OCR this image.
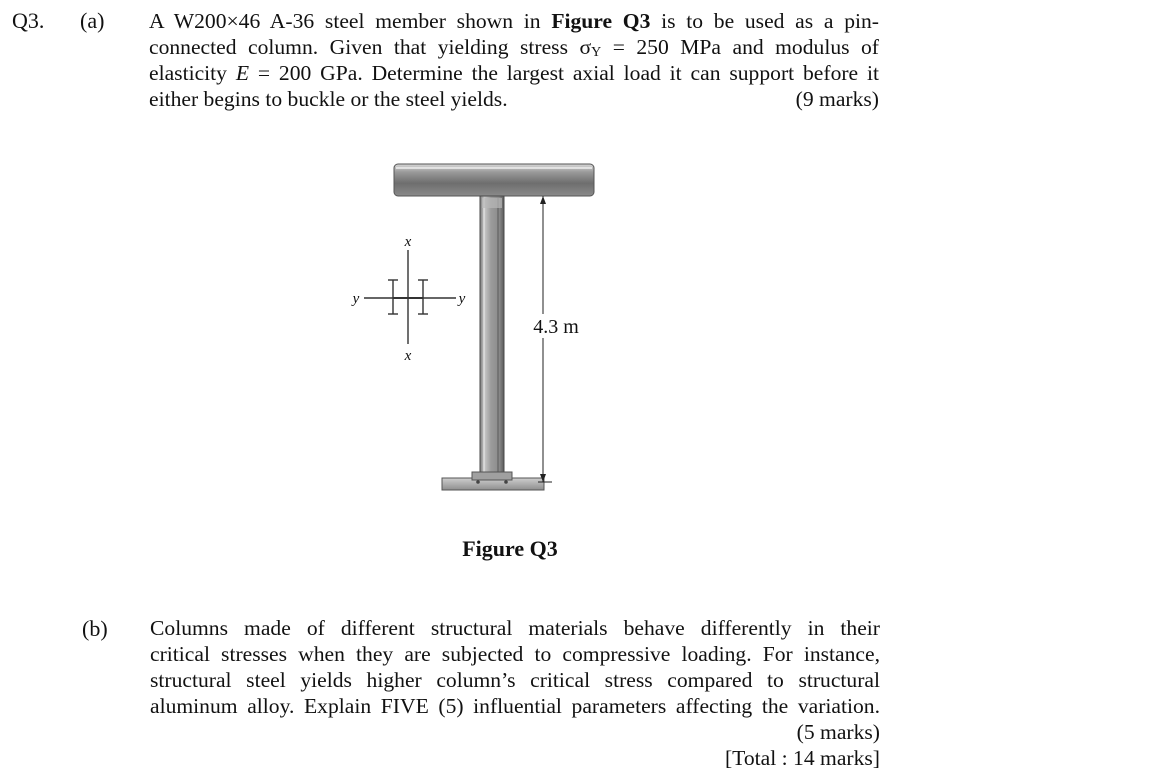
Q3. (a) A W200×46 A-36 steel member shown in Figure Q3 is to be used as a pin-
connected column. Given that yielding stress σY = 250 MPa and modulus of
elasticity E = 200 GPa. Determine the largest axial load it can support before it
either begins to buckle or the steel yields.	(9 marks)
4.3 m
x
x
y	y
Figure Q3
(b) Columns made of different structural materials behave differently in their
critical stresses when they are subjected to compressive loading. For instance,
structural steel yields higher column’s critical stress compared to structural
aluminum alloy. Explain FIVE (5) influential parameters affecting the variation.
(5 marks)
[Total : 14 marks]
